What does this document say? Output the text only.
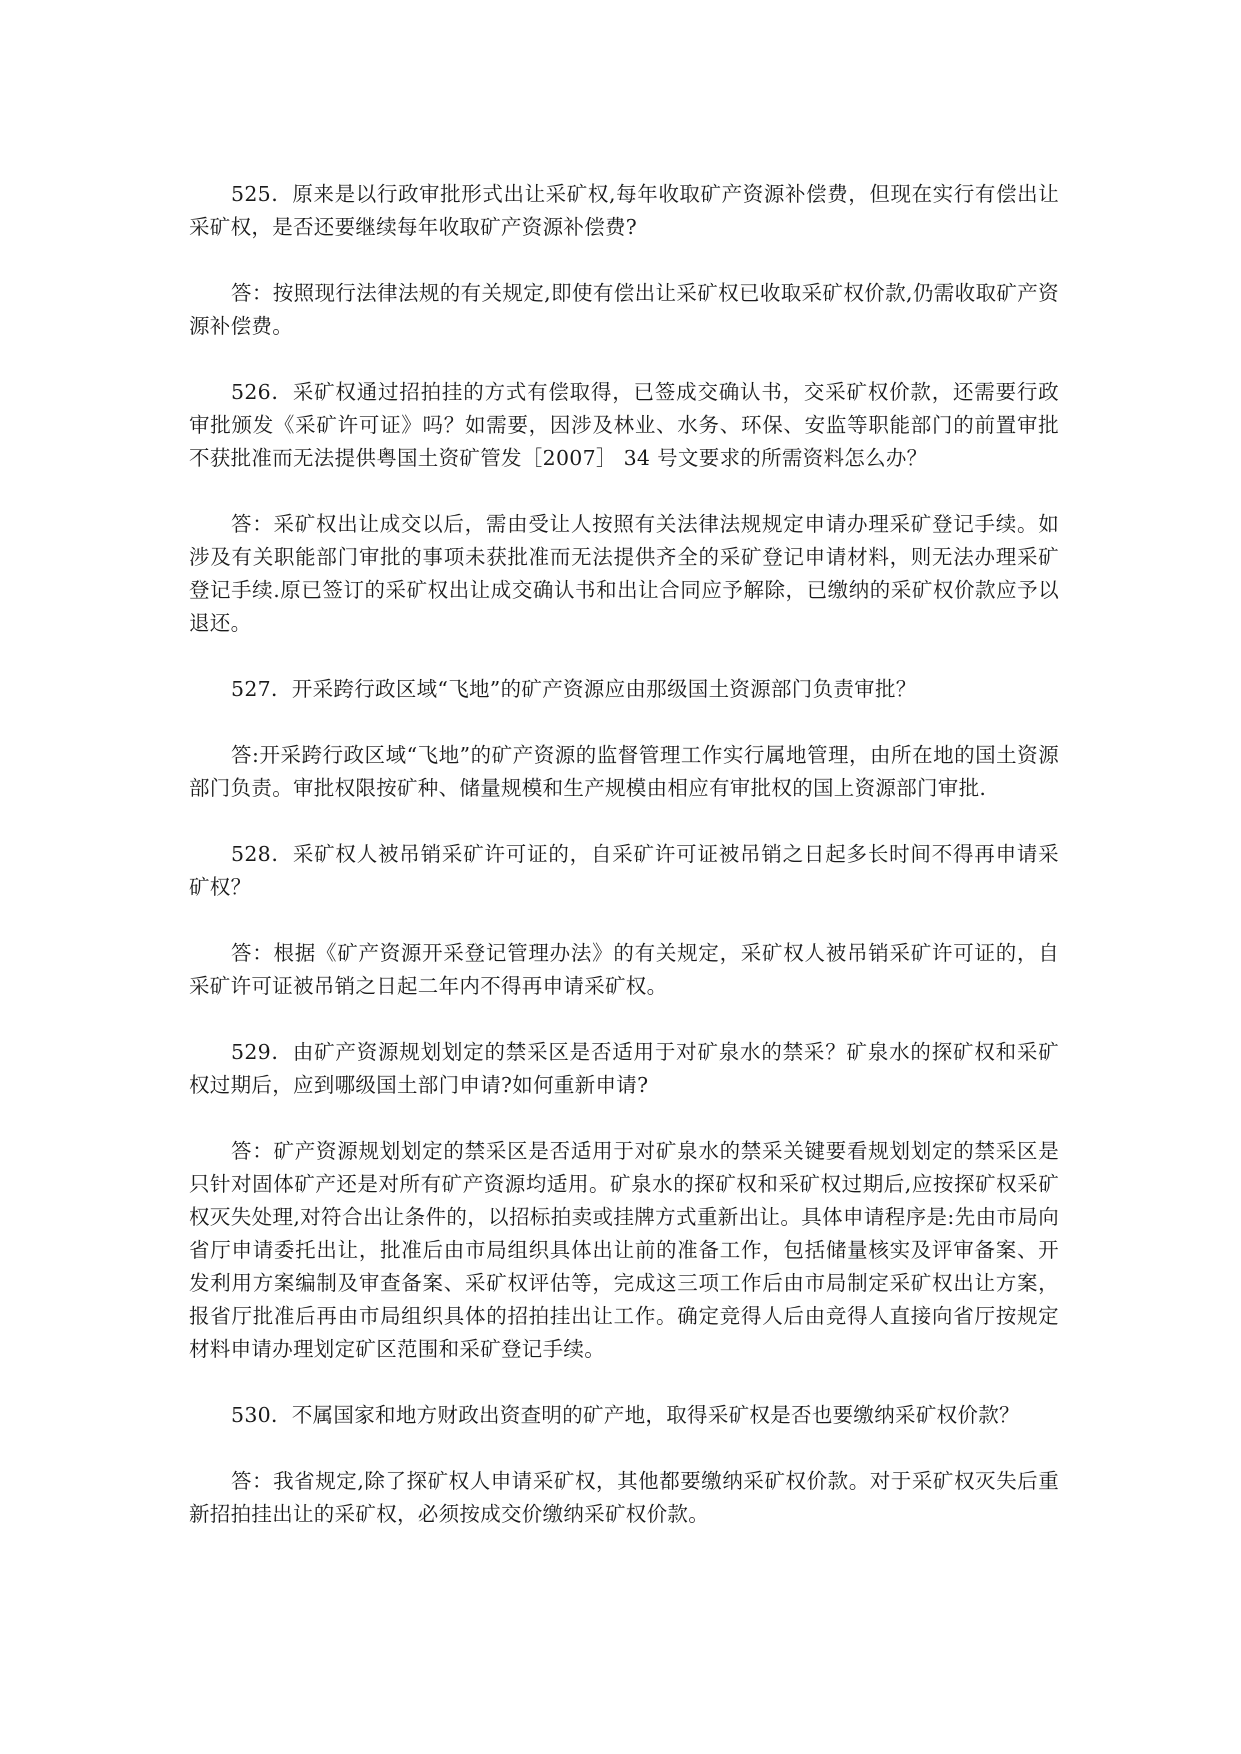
525．原来是以行政审批形式出让采矿权,每年收取矿产资源补偿费，但现在实行有偿出让采矿权，是否还要继续每年收取矿产资源补偿费?

答：按照现行法律法规的有关规定,即使有偿出让采矿权已收取采矿权价款,仍需收取矿产资源补偿费。

526．采矿权通过招拍挂的方式有偿取得，已签成交确认书，交采矿权价款，还需要行政审批颁发《采矿许可证》吗？如需要，因涉及林业、水务、环保、安监等职能部门的前置审批不获批准而无法提供粤国土资矿管发［2007］ 34 号文要求的所需资料怎么办？

答：采矿权出让成交以后，需由受让人按照有关法律法规规定申请办理采矿登记手续。如涉及有关职能部门审批的事项未获批准而无法提供齐全的采矿登记申请材料，则无法办理采矿登记手续.原已签订的采矿权出让成交确认书和出让合同应予解除，已缴纳的采矿权价款应予以退还。

527．开采跨行政区域“飞地”的矿产资源应由那级国土资源部门负责审批？

答:开采跨行政区域“飞地”的矿产资源的监督管理工作实行属地管理，由所在地的国土资源部门负责。审批权限按矿种、储量规模和生产规模由相应有审批权的国上资源部门审批.

528．采矿权人被吊销采矿许可证的，自采矿许可证被吊销之日起多长时间不得再申请采矿权？

答：根据《矿产资源开采登记管理办法》的有关规定，采矿权人被吊销采矿许可证的，自采矿许可证被吊销之日起二年内不得再申请采矿权。

529．由矿产资源规划划定的禁采区是否适用于对矿泉水的禁采？矿泉水的探矿权和采矿权过期后，应到哪级国土部门申请?如何重新申请?

答：矿产资源规划划定的禁采区是否适用于对矿泉水的禁采关键要看规划划定的禁采区是只针对固体矿产还是对所有矿产资源均适用。矿泉水的探矿权和采矿权过期后,应按探矿权采矿权灭失处理,对符合出让条件的，以招标拍卖或挂牌方式重新出让。具体申请程序是:先由市局向省厅申请委托出让，批准后由市局组织具体出让前的准备工作，包括储量核实及评审备案、开发利用方案编制及审查备案、采矿权评估等，完成这三项工作后由市局制定采矿权出让方案，报省厅批准后再由市局组织具体的招拍挂出让工作。确定竞得人后由竞得人直接向省厅按规定材料申请办理划定矿区范围和采矿登记手续。

530．不属国家和地方财政出资查明的矿产地，取得采矿权是否也要缴纳采矿权价款？

答：我省规定,除了探矿权人申请采矿权，其他都要缴纳采矿权价款。对于采矿权灭失后重新招拍挂出让的采矿权，必须按成交价缴纳采矿权价款。
